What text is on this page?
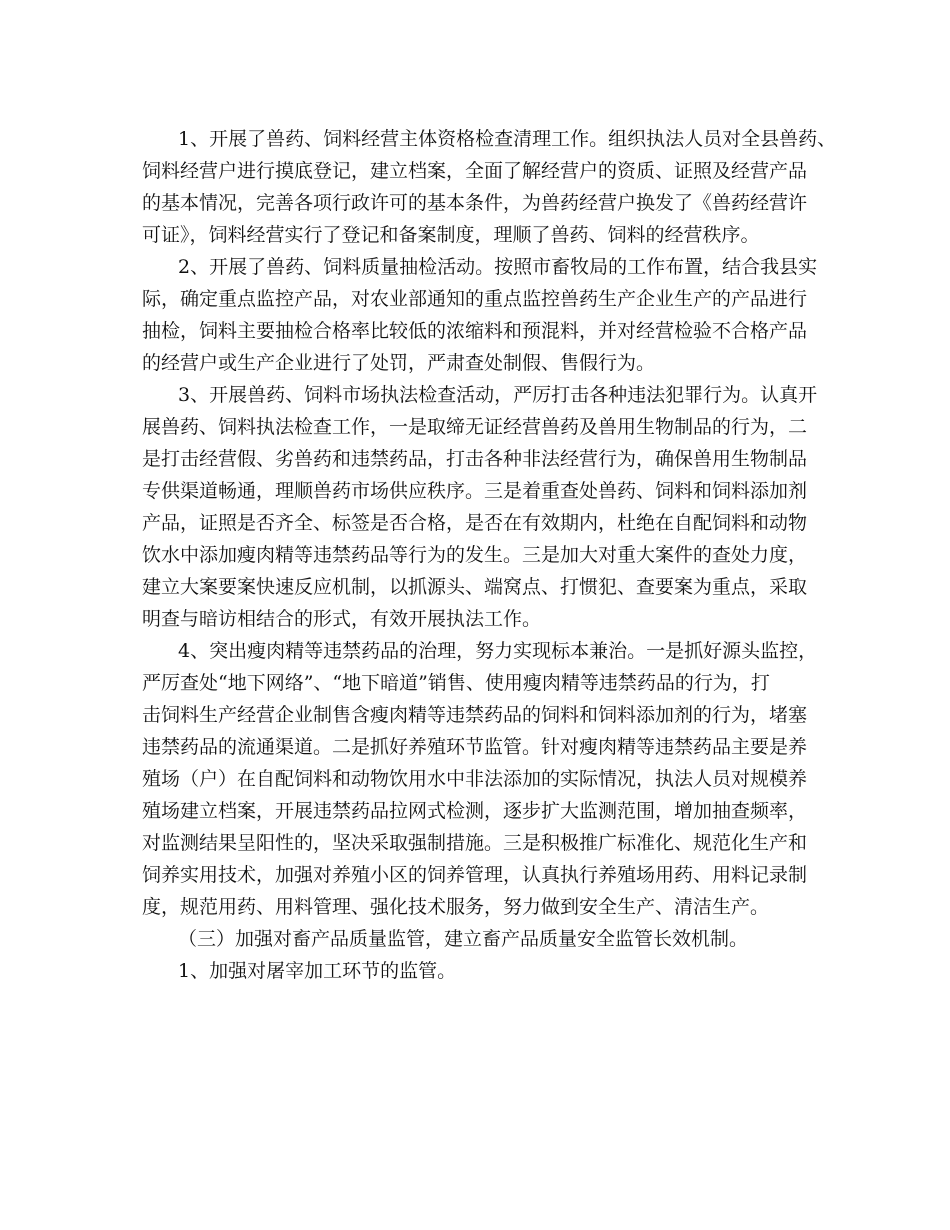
1、开展了兽药、饲料经营主体资格检查清理工作。组织执法人员对全县兽药、
饲料经营户进行摸底登记，建立档案，全面了解经营户的资质、证照及经营产品
的基本情况，完善各项行政许可的基本条件，为兽药经营户换发了《兽药经营许
可证》，饲料经营实行了登记和备案制度，理顺了兽药、饲料的经营秩序。
2、开展了兽药、饲料质量抽检活动。按照市畜牧局的工作布置，结合我县实
际，确定重点监控产品，对农业部通知的重点监控兽药生产企业生产的产品进行
抽检，饲料主要抽检合格率比较低的浓缩料和预混料，并对经营检验不合格产品
的经营户或生产企业进行了处罚，严肃查处制假、售假行为。
3、开展兽药、饲料市场执法检查活动，严厉打击各种违法犯罪行为。认真开
展兽药、饲料执法检查工作，一是取缔无证经营兽药及兽用生物制品的行为，二
是打击经营假、劣兽药和违禁药品，打击各种非法经营行为，确保兽用生物制品
专供渠道畅通，理顺兽药市场供应秩序。三是着重查处兽药、饲料和饲料添加剂
产品，证照是否齐全、标签是否合格，是否在有效期内，杜绝在自配饲料和动物
饮水中添加瘦肉精等违禁药品等行为的发生。三是加大对重大案件的查处力度，
建立大案要案快速反应机制，以抓源头、端窝点、打惯犯、查要案为重点，采取
明查与暗访相结合的形式，有效开展执法工作。
4、突出瘦肉精等违禁药品的治理，努力实现标本兼治。一是抓好源头监控，
严厉查处“地下网络”、“地下暗道”销售、使用瘦肉精等违禁药品的行为，打
击饲料生产经营企业制售含瘦肉精等违禁药品的饲料和饲料添加剂的行为，堵塞
违禁药品的流通渠道。二是抓好养殖环节监管。针对瘦肉精等违禁药品主要是养
殖场（户）在自配饲料和动物饮用水中非法添加的实际情况，执法人员对规模养
殖场建立档案，开展违禁药品拉网式检测，逐步扩大监测范围，增加抽查频率，
对监测结果呈阳性的，坚决采取强制措施。三是积极推广标准化、规范化生产和
饲养实用技术，加强对养殖小区的饲养管理，认真执行养殖场用药、用料记录制
度，规范用药、用料管理、强化技术服务，努力做到安全生产、清洁生产。
（三）加强对畜产品质量监管，建立畜产品质量安全监管长效机制。
1、加强对屠宰加工环节的监管。
